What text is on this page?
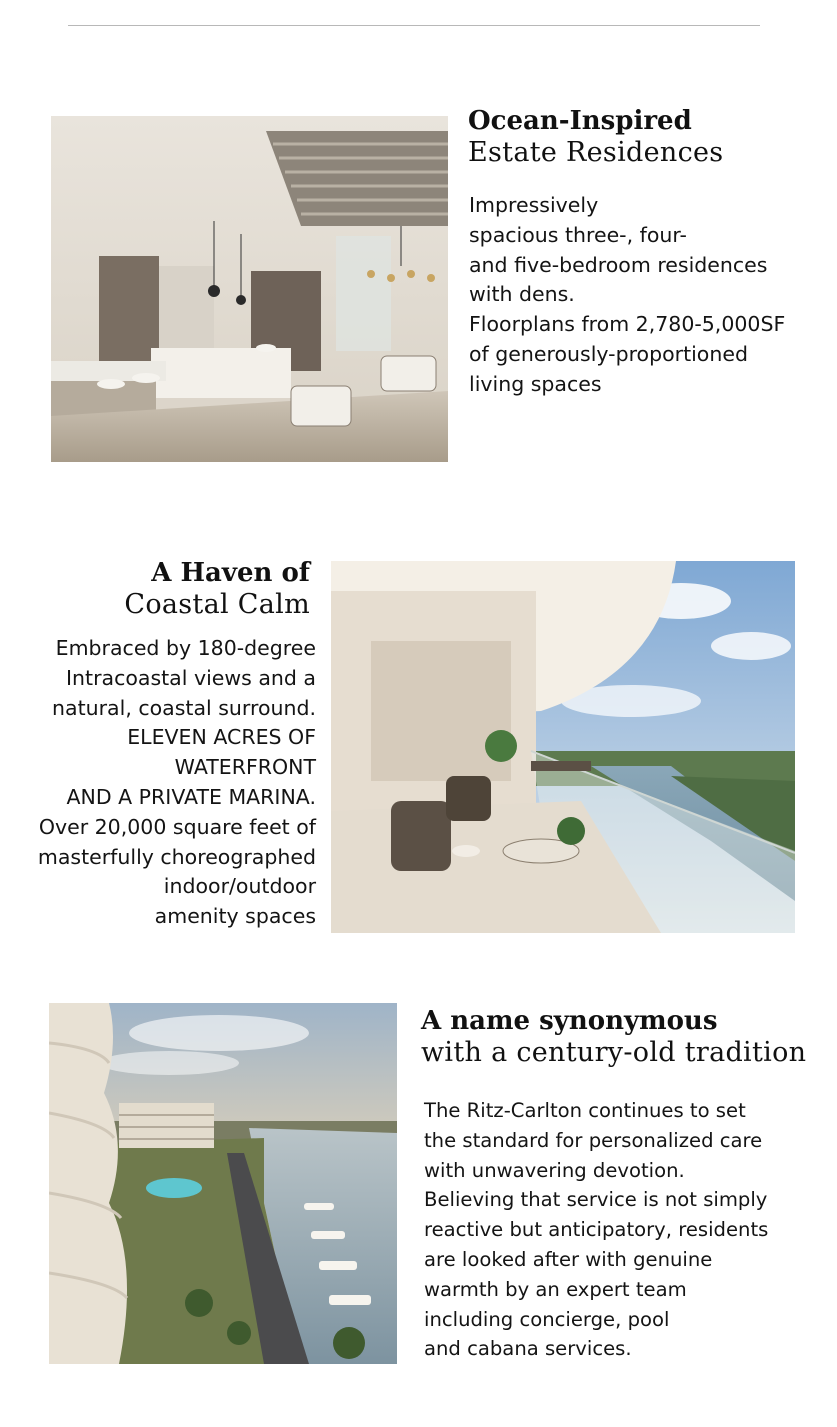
Ocean-Inspired
Estate Residences
Impressively
spacious three-, four-
and five-bedroom residences
with dens.
Floorplans from 2,780-5,000SF
of generously-proportioned
living spaces
A Haven of
Coastal Calm
Embraced by 180-degree
Intracoastal views and a
natural, coastal surround.
ELEVEN ACRES OF
WATERFRONT
AND A PRIVATE MARINA.
Over 20,000 square feet of
masterfully choreographed
indoor/outdoor
amenity spaces
A name synonymous
with a century-old tradition
The Ritz-Carlton continues to set
the standard for personalized care
with unwavering devotion.
Believing that service is not simply
reactive but anticipatory, residents
are looked after with genuine
warmth by an expert team
including concierge, pool
and cabana services.
